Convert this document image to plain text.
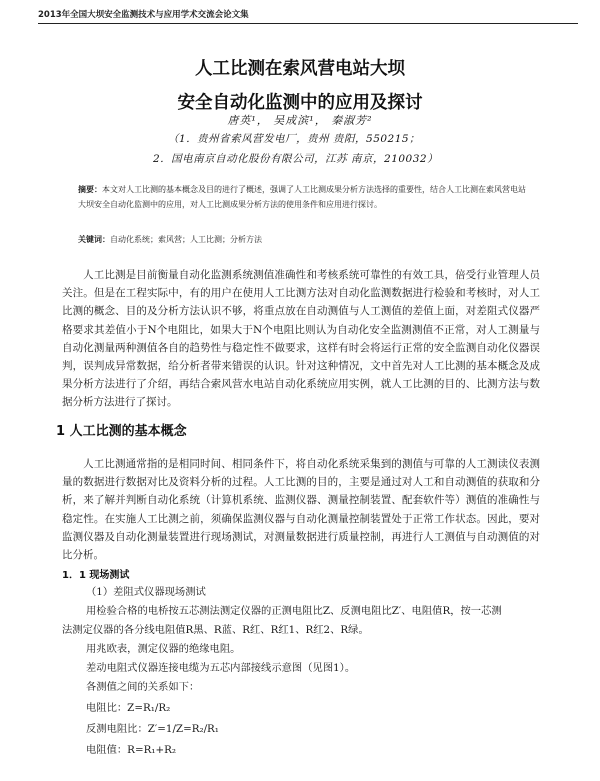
2013年全国大坝安全监测技术与应用学术交流会论文集
人工比测在索风营电站大坝
安全自动化监测中的应用及探讨
唐英¹， 吴成滨¹， 秦淑芳²
（1．贵州省索风营发电厂，贵州 贵阳，550215；
2．国电南京自动化股份有限公司，江苏 南京，210032）
摘要：本文对人工比测的基本概念及目的进行了概述，强调了人工比测成果分析方法选择的重要性，结合人工比测在索风营电站大坝安全自动化监测中的应用，对人工比测成果分析方法的使用条件和应用进行探讨。
关键词：自动化系统；索风营；人工比测；分析方法
人工比测是目前衡量自动化监测系统测值准确性和考核系统可靠性的有效工具，倍受行业管理人员关注。但是在工程实际中，有的用户在使用人工比测方法对自动化监测数据进行检验和考核时，对人工比测的概念、目的及分析方法认识不够，将重点放在自动测值与人工测值的差值上面，对差阻式仪器严格要求其差值小于N个电阻比，如果大于N个电阻比则认为自动化安全监测测值不正常，对人工测量与自动化测量两种测值各自的趋势性与稳定性不做要求，这样有时会将运行正常的安全监测自动化仪器误判，误判成异常数据，给分析者带来错误的认识。针对这种情况，文中首先对人工比测的基本概念及成果分析方法进行了介绍，再结合索风营水电站自动化系统应用实例，就人工比测的目的、比测方法与数据分析方法进行了探讨。
1 人工比测的基本概念
人工比测通常指的是相同时间、相同条件下，将自动化系统采集到的测值与可靠的人工测读仪表测量的数据进行数据对比及资料分析的过程。人工比测的目的，主要是通过对人工和自动测值的获取和分析，来了解并判断自动化系统（计算机系统、监测仪器、测量控制装置、配套软件等）测值的准确性与稳定性。在实施人工比测之前，须确保监测仪器与自动化测量控制装置处于正常工作状态。因此，要对监测仪器及自动化测量装置进行现场测试，对测量数据进行质量控制，再进行人工测值与自动测值的对比分析。
1．1 现场测试
（1）差阻式仪器现场测试
用检验合格的电桥按五芯测法测定仪器的正测电阻比Z、反测电阻比Z′、电阻值R，按一芯测
法测定仪器的各分线电阻值R黑、R蓝、R红、R红1、R红2、R绿。
用兆欧表，测定仪器的绝缘电阻。
差动电阻式仪器连接电缆为五芯内部接线示意图（见图1）。
各测值之间的关系如下：
电阻比：Z=R₁/R₂
反测电阻比：Z′=1/Z=R₂/R₁
电阻值：R=R₁+R₂
